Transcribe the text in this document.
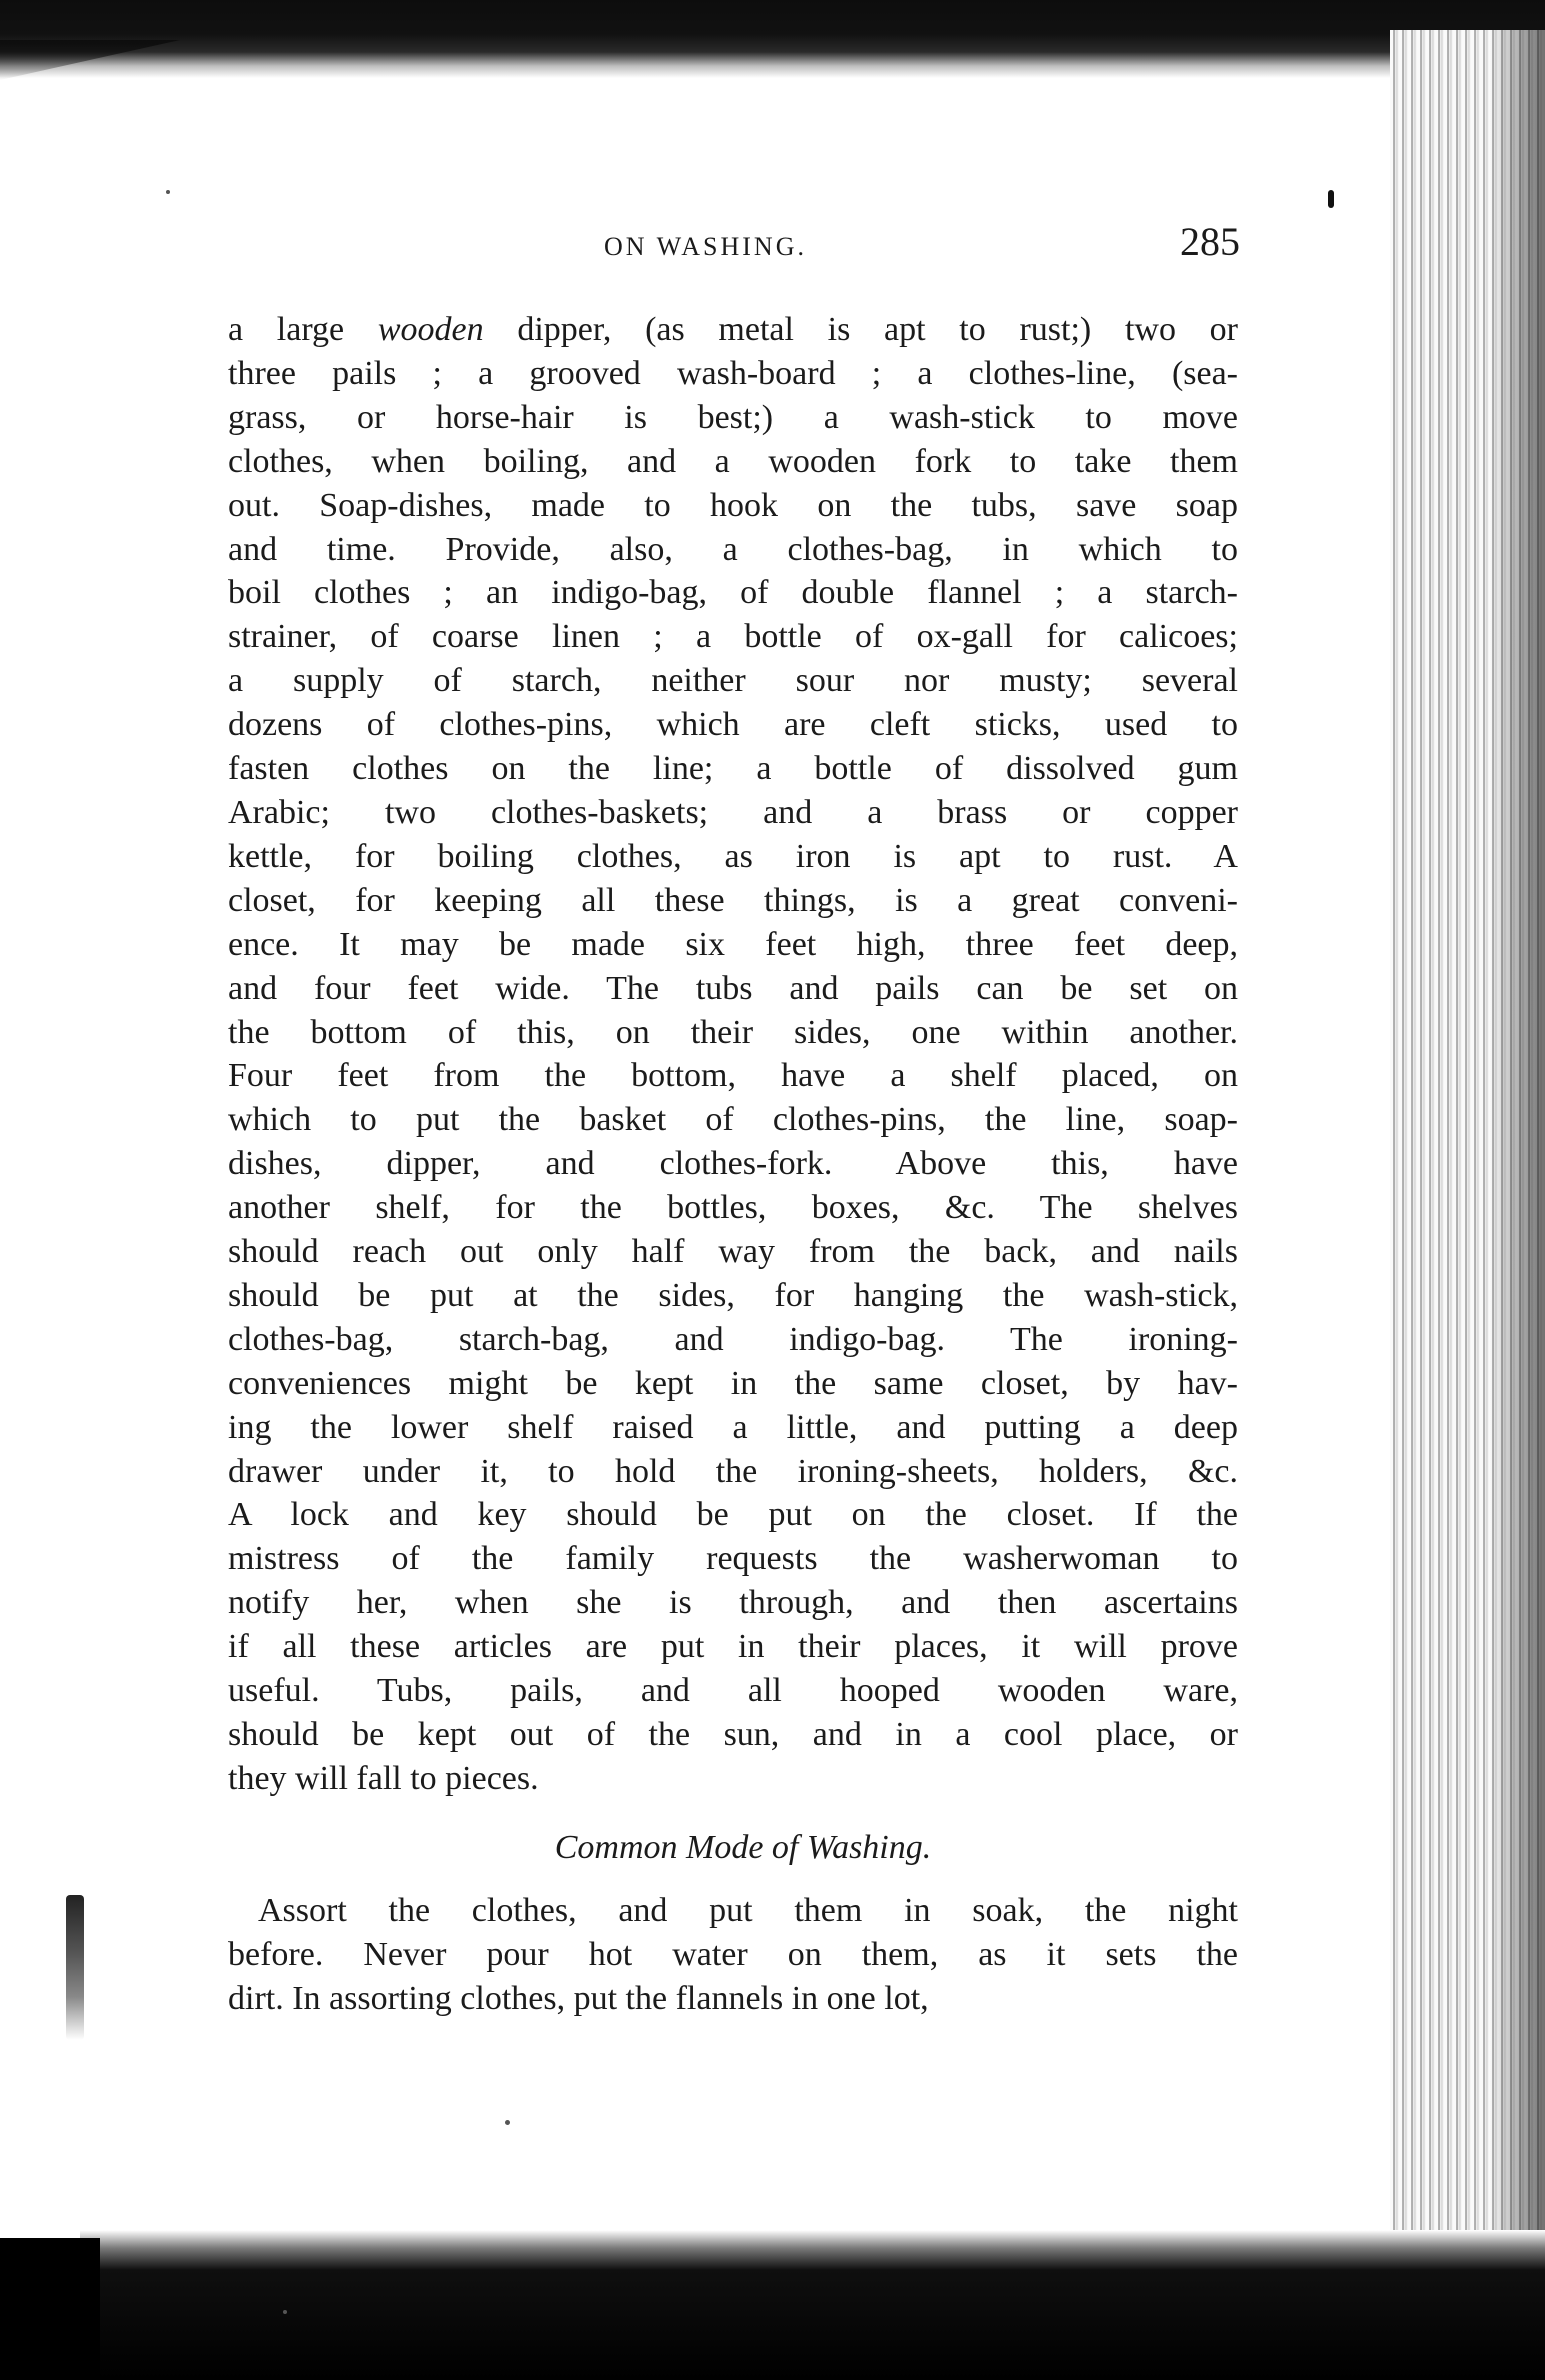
ON WASHING.	285
a large wooden dipper, (as metal is apt to rust;) two or
three pails ; a grooved wash-board ; a clothes-line, (sea-
grass, or horse-hair is best;) a wash-stick to move
clothes, when boiling, and a wooden fork to take them
out. Soap-dishes, made to hook on the tubs, save soap
and time. Provide, also, a clothes-bag, in which to
boil clothes ; an indigo-bag, of double flannel ; a starch-
strainer, of coarse linen ; a bottle of ox-gall for calicoes;
a supply of starch, neither sour nor musty; several
dozens of clothes-pins, which are cleft sticks, used to
fasten clothes on the line; a bottle of dissolved gum
Arabic; two clothes-baskets; and a brass or copper
kettle, for boiling clothes, as iron is apt to rust. A
closet, for keeping all these things, is a great conveni-
ence. It may be made six feet high, three feet deep,
and four feet wide. The tubs and pails can be set on
the bottom of this, on their sides, one within another.
Four feet from the bottom, have a shelf placed, on
which to put the basket of clothes-pins, the line, soap-
dishes, dipper, and clothes-fork. Above this, have
another shelf, for the bottles, boxes, &c. The shelves
should reach out only half way from the back, and nails
should be put at the sides, for hanging the wash-stick,
clothes-bag, starch-bag, and indigo-bag. The ironing-
conveniences might be kept in the same closet, by hav-
ing the lower shelf raised a little, and putting a deep
drawer under it, to hold the ironing-sheets, holders, &c.
A lock and key should be put on the closet. If the
mistress of the family requests the washerwoman to
notify her, when she is through, and then ascertains
if all these articles are put in their places, it will prove
useful. Tubs, pails, and all hooped wooden ware,
should be kept out of the sun, and in a cool place, or
they will fall to pieces.
Common Mode of Washing.
Assort the clothes, and put them in soak, the night
before. Never pour hot water on them, as it sets the
dirt. In assorting clothes, put the flannels in one lot,
